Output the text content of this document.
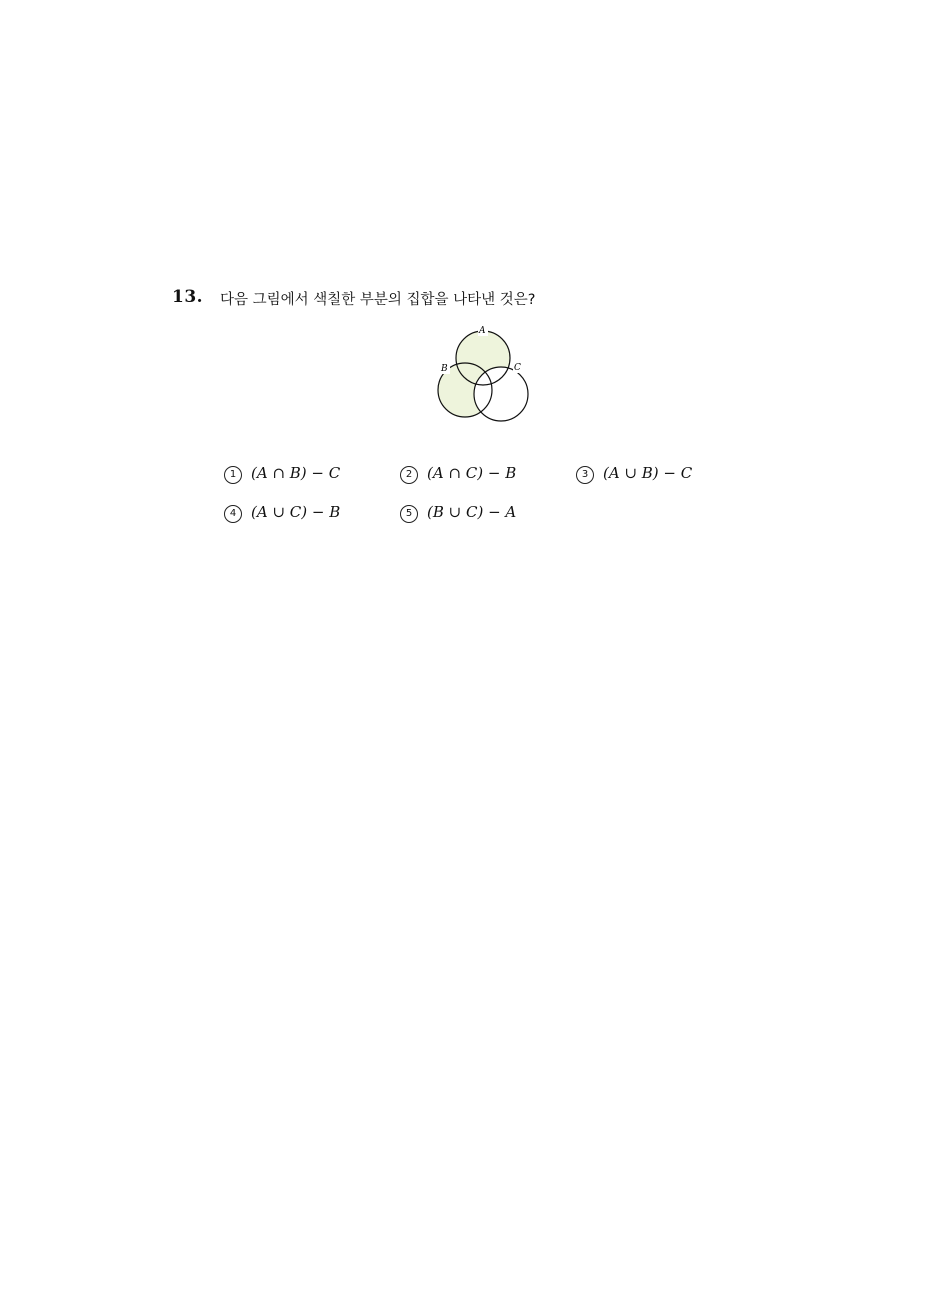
13. 다음 그림에서 색칠한 부분의 집합을 나타낸 것은?
A
B	C
1 (A ∩ B) − C	2 (A ∩ C) − B	3 (A ∪ B) − C
4 (A ∪ C) − B	5 (B ∪ C) − A
